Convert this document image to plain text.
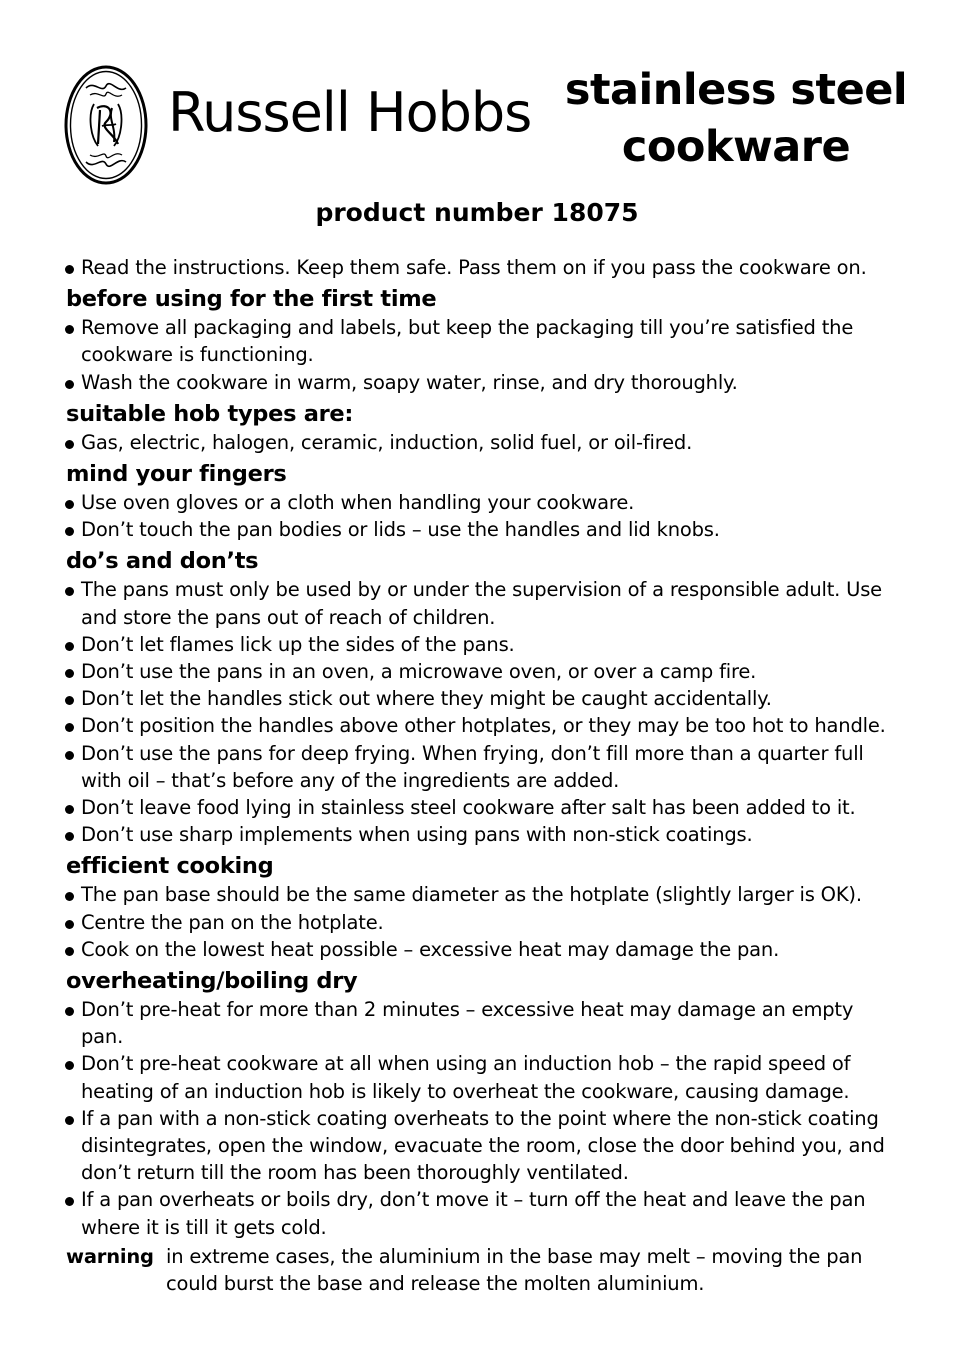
Russell Hobbs stainless steel
cookware
product number 18075
Read the instructions. Keep them safe. Pass them on if you pass the cookware on.
before using for the first time
Remove all packaging and labels, but keep the packaging till you’re satisfied the cookware is functioning.
Wash the cookware in warm, soapy water, rinse, and dry thoroughly.
suitable hob types are:
Gas, electric, halogen, ceramic, induction, solid fuel, or oil-fired.
mind your fingers
Use oven gloves or a cloth when handling your cookware.
Don’t touch the pan bodies or lids – use the handles and lid knobs.
do’s and don’ts
The pans must only be used by or under the supervision of a responsible adult. Use and store the pans out of reach of children.
Don’t let flames lick up the sides of the pans.
Don’t use the pans in an oven, a microwave oven, or over a camp fire.
Don’t let the handles stick out where they might be caught accidentally.
Don’t position the handles above other hotplates, or they may be too hot to handle.
Don’t use the pans for deep frying. When frying, don’t fill more than a quarter full with oil – that’s before any of the ingredients are added.
Don’t leave food lying in stainless steel cookware after salt has been added to it.
Don’t use sharp implements when using pans with non-stick coatings.
efficient cooking
The pan base should be the same diameter as the hotplate (slightly larger is OK).
Centre the pan on the hotplate.
Cook on the lowest heat possible – excessive heat may damage the pan.
overheating/boiling dry
Don’t pre-heat for more than 2 minutes – excessive heat may damage an empty pan.
Don’t pre-heat cookware at all when using an induction hob – the rapid speed of heating of an induction hob is likely to overheat the cookware, causing damage.
If a pan with a non-stick coating overheats to the point where the non-stick coating disintegrates, open the window, evacuate the room, close the door behind you, and don’t return till the room has been thoroughly ventilated.
If a pan overheats or boils dry, don’t move it – turn off the heat and leave the pan where it is till it gets cold.
warning in extreme cases, the aluminium in the base may melt – moving the pan could burst the base and release the molten aluminium.
